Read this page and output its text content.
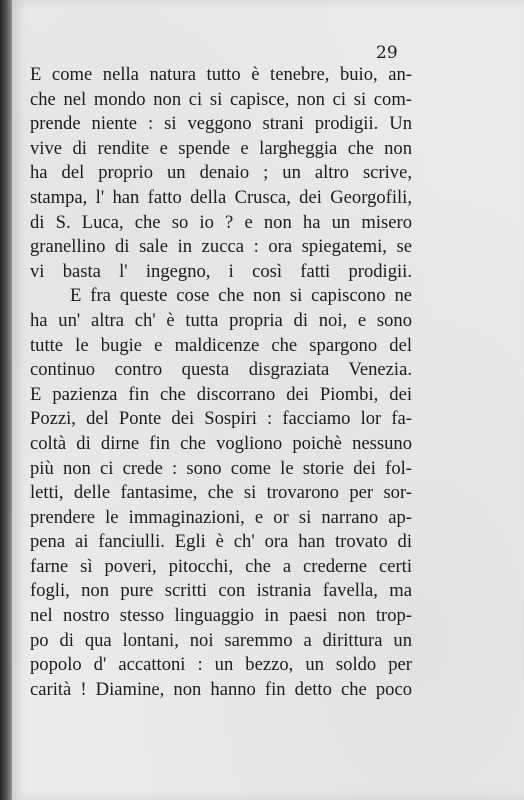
29
E come nella natura tutto è tenebre, buio, an-
che nel mondo non ci si capisce, non ci si com-
prende niente : si veggono strani prodigii. Un
vive di rendite e spende e largheggia che non
ha del proprio un denaio ; un altro scrive,
stampa, l' han fatto della Crusca, dei Georgofili,
di S. Luca, che so io ? e non ha un misero
granellino di sale in zucca : ora spiegatemi, se
vi basta l' ingegno, i così fatti prodigii.
E fra queste cose che non si capiscono ne
ha un' altra ch' è tutta propria di noi, e sono
tutte le bugie e maldicenze che spargono del
continuo contro questa disgraziata Venezia.
E pazienza fin che discorrano dei Piombi, dei
Pozzi, del Ponte dei Sospiri : facciamo lor fa-
coltà di dirne fin che vogliono poichè nessuno
più non ci crede : sono come le storie dei fol-
letti, delle fantasime, che si trovarono per sor-
prendere le immaginazioni, e or si narrano ap-
pena ai fanciulli. Egli è ch' ora han trovato di
farne sì poveri, pitocchi, che a crederne certi
fogli, non pure scritti con istrania favella, ma
nel nostro stesso linguaggio in paesi non trop-
po di qua lontani, noi saremmo a dirittura un
popolo d' accattoni : un bezzo, un soldo per
carità ! Diamine, non hanno fin detto che poco
